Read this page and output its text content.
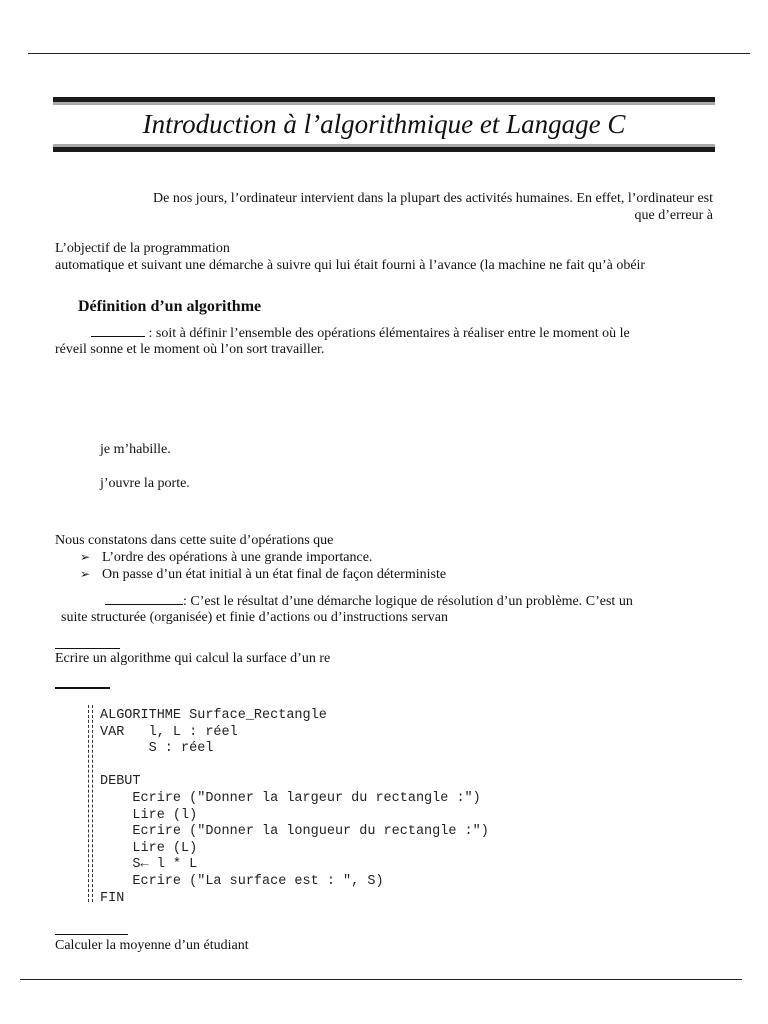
Introduction à l’algorithmique et Langage C
De nos jours, l’ordinateur intervient dans la plupart des activités humaines. En effet, l’ordinateur est
que d’erreur à
L’objectif de la programmation
automatique et suivant une démarche à suivre qui lui était fourni à l’avance (la machine ne fait qu’à obéir
Définition d’un algorithme
: soit à définir l’ensemble des opérations élémentaires à réaliser entre le moment où le
réveil sonne et le moment où l’on sort travailler.
je m’habille.
j’ouvre la porte.
Nous constatons dans cette suite d’opérations que
➢ L’ordre des opérations à une grande importance.
➢ On passe d’un état initial à un état final de façon déterministe
: C’est le résultat d’une démarche logique de résolution d’un problème. C’est un
suite structurée (organisée) et finie d’actions ou d’instructions servan
Ecrire un algorithme qui calcul la surface d’un re
ALGORITHME Surface_Rectangle
VAR   l, L : réel
S : réel
DEBUT
Ecrire ("Donner la largeur du rectangle :")
Lire (l)
Ecrire ("Donner la longueur du rectangle :")
Lire (L)
S← l * L
Ecrire ("La surface est : ", S)
FIN
Calculer la moyenne d’un étudiant
